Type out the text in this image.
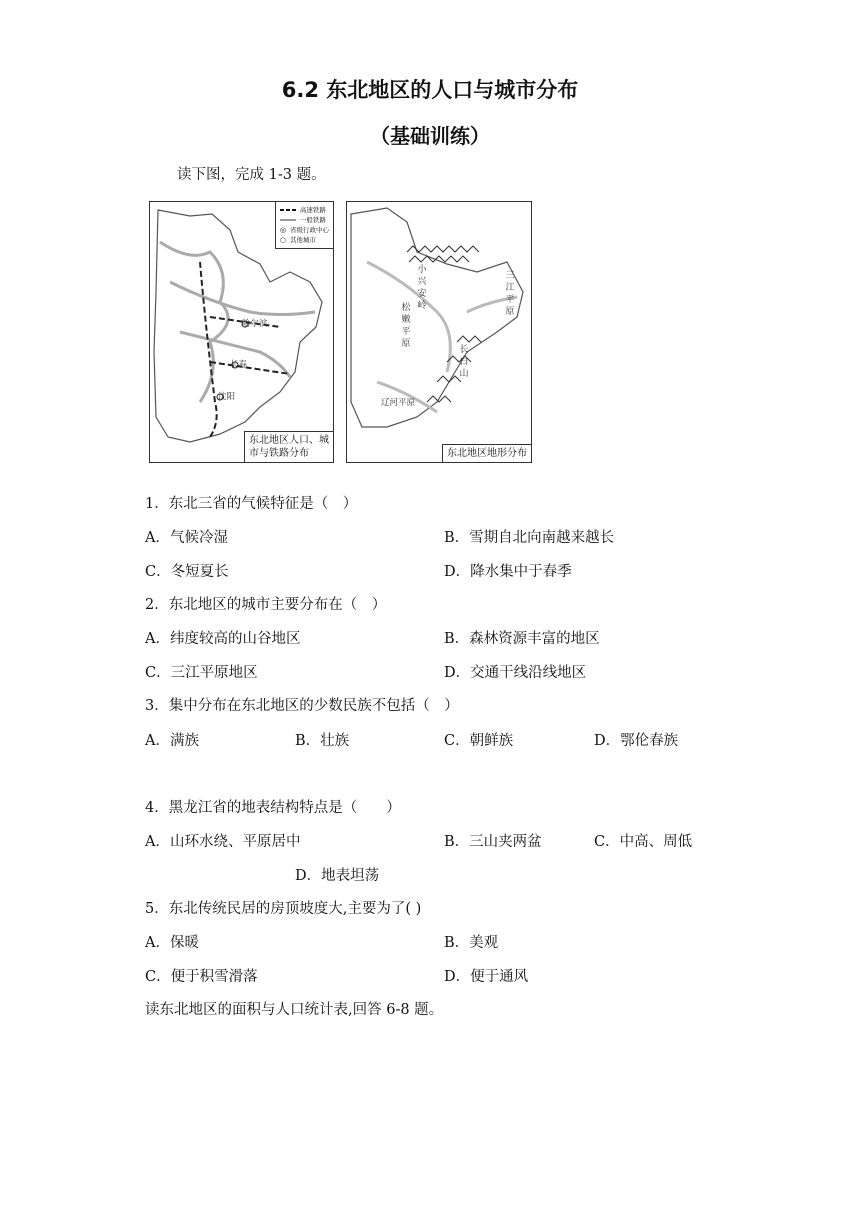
6.2 东北地区的人口与城市分布
（基础训练）
读下图，完成 1-3 题。
高速铁路
一般铁路
◎ 省级行政中心
○ 其他城市
哈尔滨
长春
沈阳
东北地区人口、城
市与铁路分布
小兴安岭
松嫩平原
三江平原
长白山
辽河平原
东北地区地形分布
1．东北三省的气候特征是（　）
A．气候冷湿	B．雪期自北向南越来越长
C．冬短夏长	D．降水集中于春季
2．东北地区的城市主要分布在（　）
A．纬度较高的山谷地区	B．森林资源丰富的地区
C．三江平原地区	D．交通干线沿线地区
3．集中分布在东北地区的少数民族不包括（　）
A．满族	B．壮族	C．朝鲜族	D．鄂伦春族
4．黑龙江省的地表结构特点是（　　）
A．山环水绕、平原居中	B．三山夹两盆	C．中高、周低
D．地表坦荡
5．东北传统民居的房顶坡度大,主要为了( )
A．保暖	B．美观
C．便于积雪滑落	D．便于通风
读东北地区的面积与人口统计表,回答 6-8 题。
